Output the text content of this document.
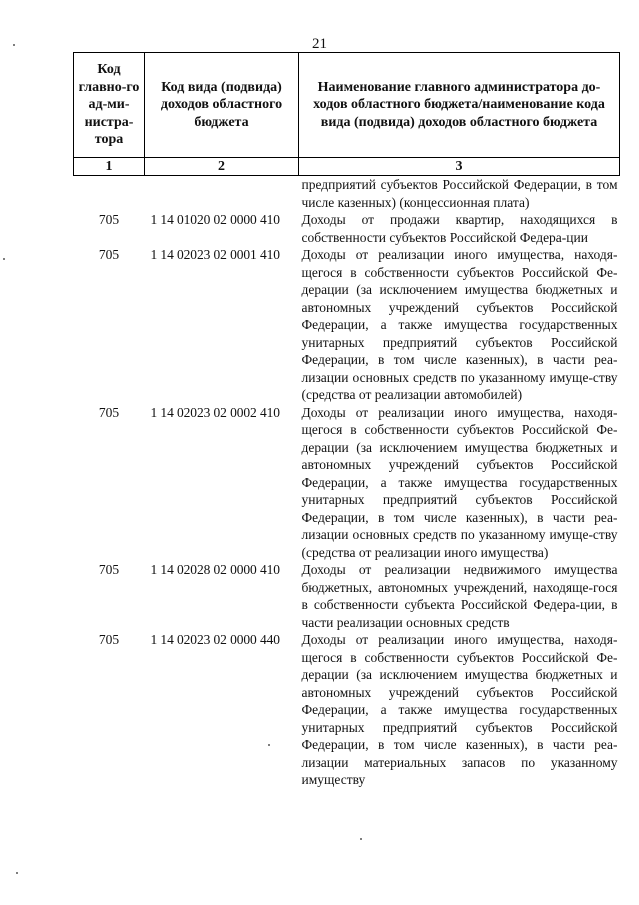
21
Код главно-го ад-ми-нистра-тора	Код вида (подвида) доходов областного бюджета	Наименование главного администратора до-ходов областного бюджета/наименование кода вида (подвида) доходов областного бюджета
1	2	3
		предприятий субъектов Российской Федерации, в том числе казенных) (концессионная плата)
705	1 14 01020 02 0000 410	Доходы от продажи квартир, находящихся в собственности субъектов Российской Федера-ции
705	1 14 02023 02 0001 410	Доходы от реализации иного имущества, находя-щегося в собственности субъектов Российской Фе-дерации (за исключением имущества бюджетных и автономных учреждений субъектов Российской Федерации, а также имущества государственных унитарных предприятий субъектов Российской Федерации, в том числе казенных), в части реа-лизации основных средств по указанному имуще-ству (средства от реализации автомобилей)
705	1 14 02023 02 0002 410	Доходы от реализации иного имущества, находя-щегося в собственности субъектов Российской Фе-дерации (за исключением имущества бюджетных и автономных учреждений субъектов Российской Федерации, а также имущества государственных унитарных предприятий субъектов Российской Федерации, в том числе казенных), в части реа-лизации основных средств по указанному имуще-ству (средства от реализации иного имущества)
705	1 14 02028 02 0000 410	Доходы от реализации недвижимого имущества бюджетных, автономных учреждений, находяще-гося в собственности субъекта Российской Федера-ции, в части реализации основных средств
705	1 14 02023 02 0000 440	Доходы от реализации иного имущества, находя-щегося в собственности субъектов Российской Фе-дерации (за исключением имущества бюджетных и автономных учреждений субъектов Российской Федерации, а также имущества государственных унитарных предприятий субъектов Российской Федерации, в том числе казенных), в части реа-лизации материальных запасов по указанному имуществу
